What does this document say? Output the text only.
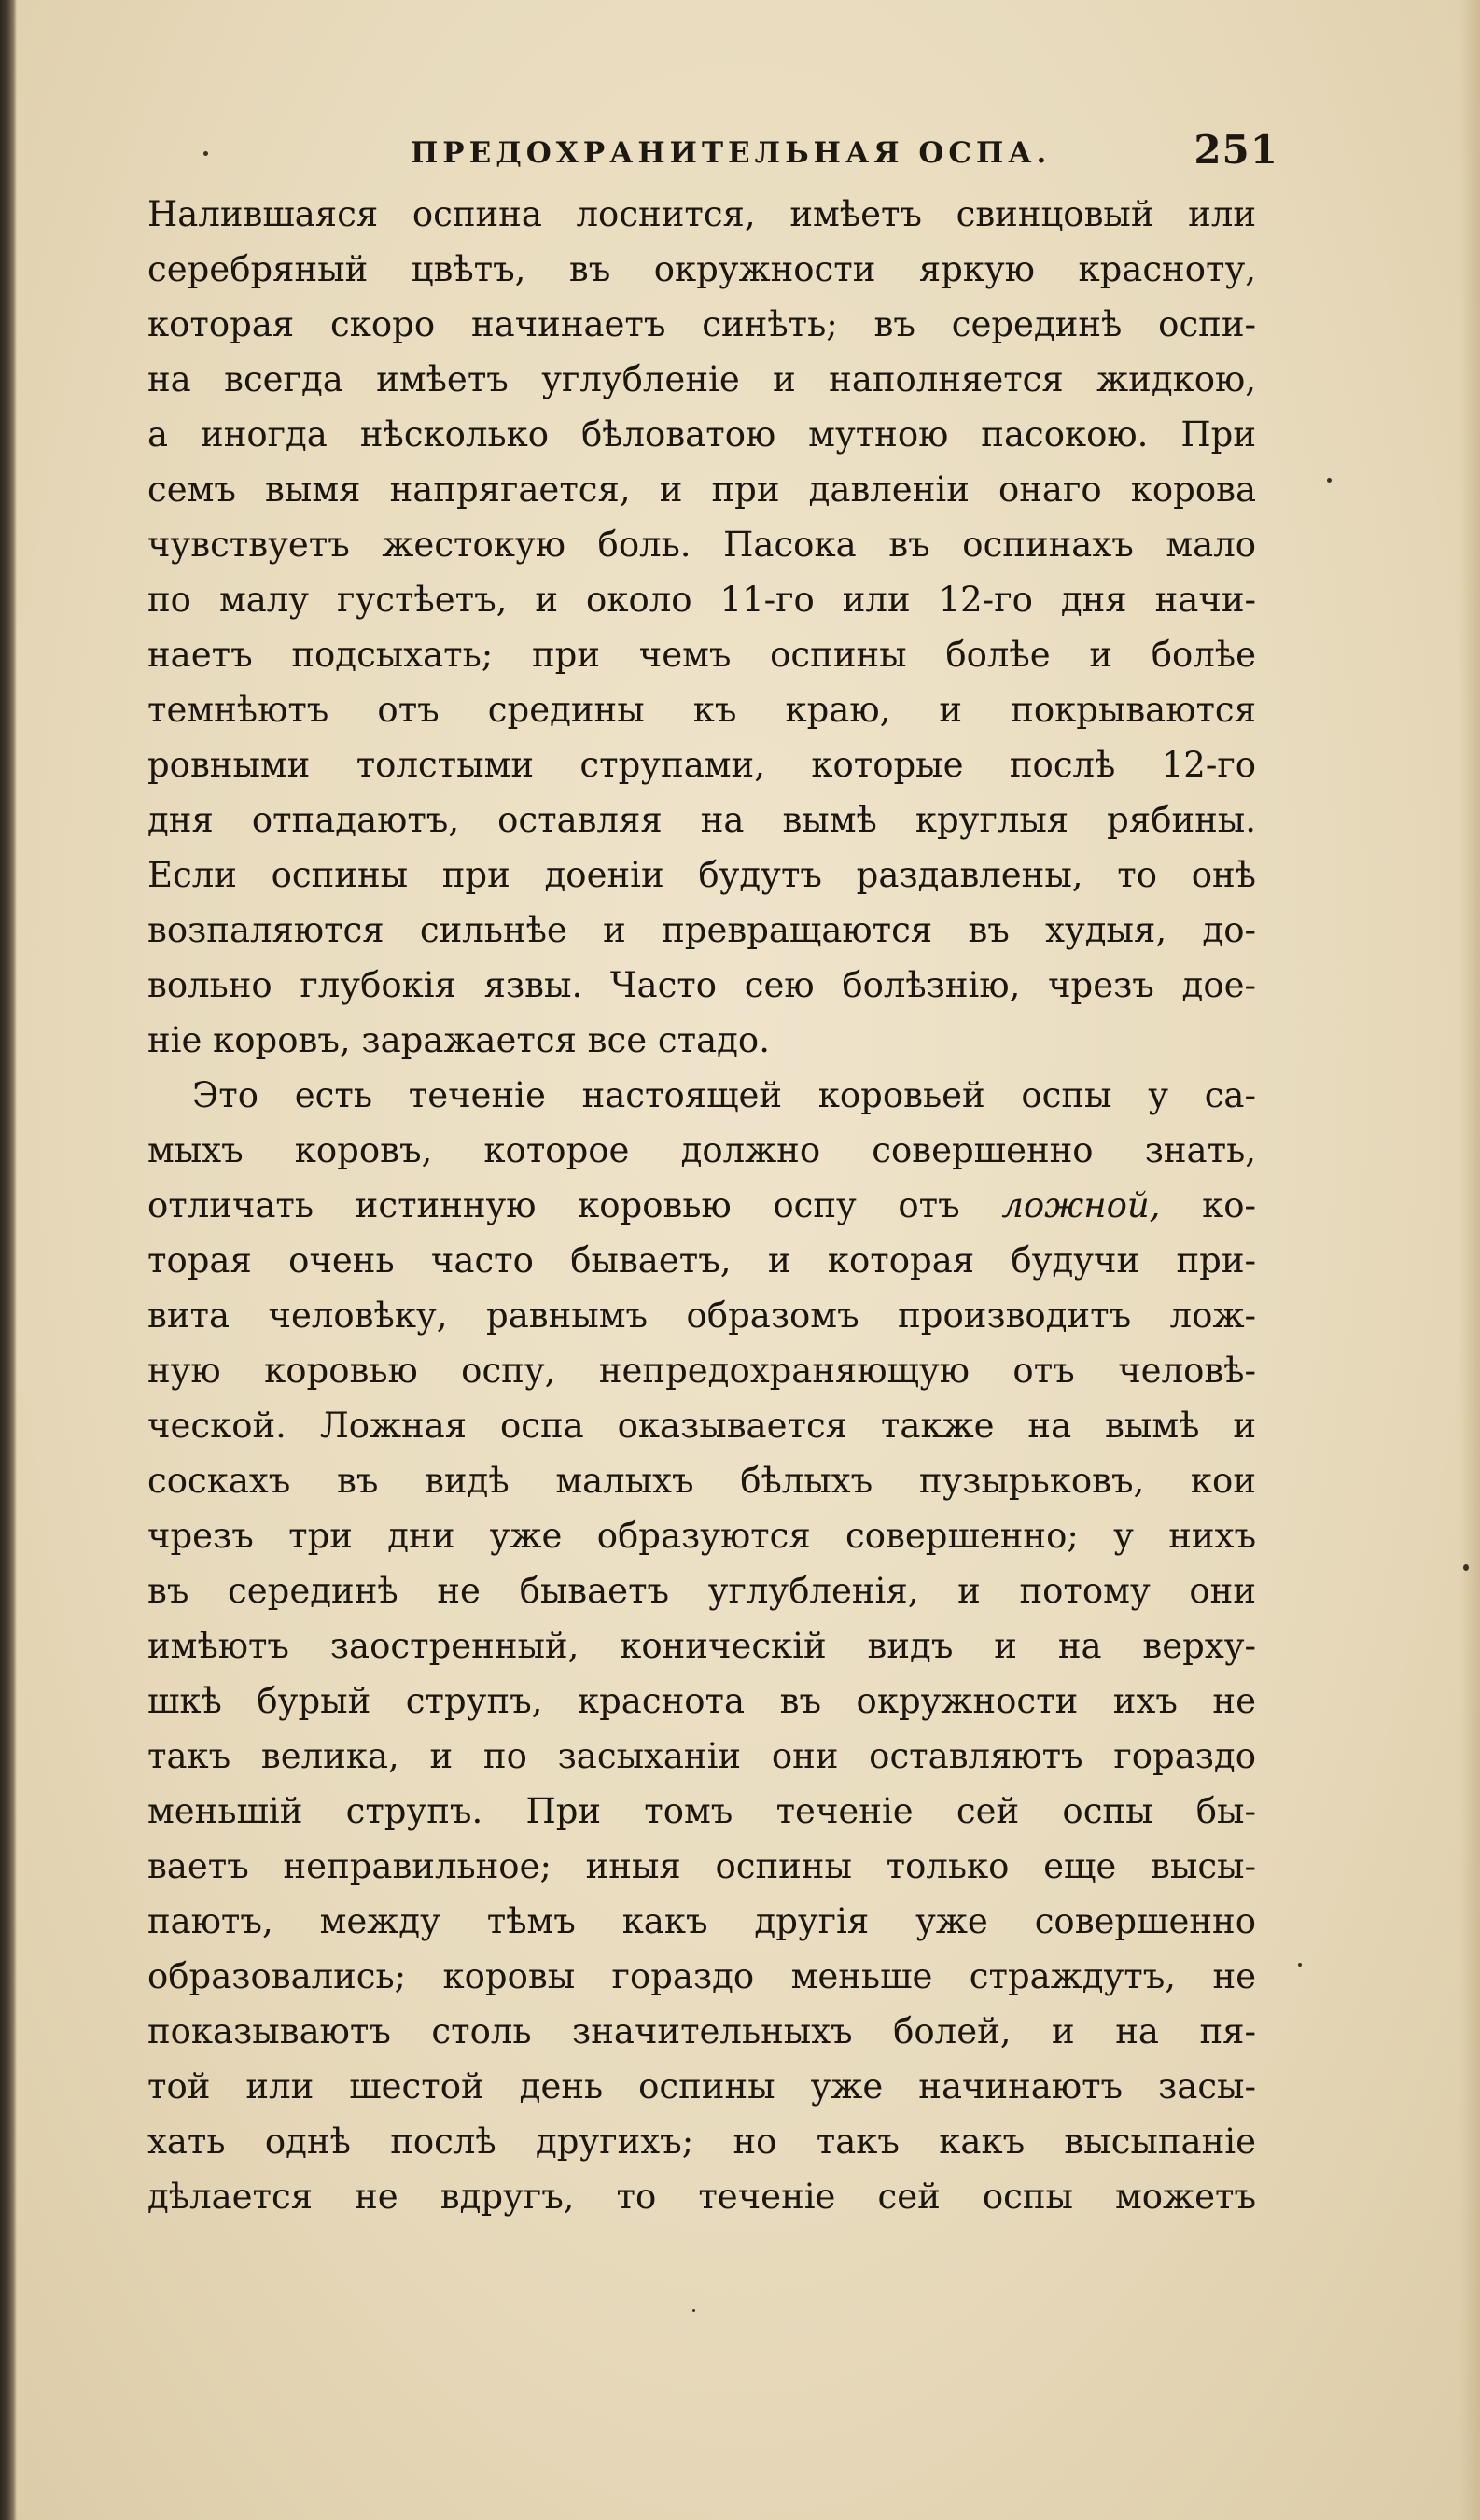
ПРЕДОХРАНИТЕЛЬНАЯ ОСПА.	251
Налившаяся оспина лоснится, имѣетъ свинцовый или
серебряный цвѣтъ, въ окружности яркую красноту,
которая скоро начинаетъ синѣть; въ серединѣ оспи-
на всегда имѣетъ углубленіе и наполняется жидкою,
а иногда нѣсколько бѣловатою мутною пасокою. При
семъ вымя напрягается, и при давленіи онаго корова
чувствуетъ жестокую боль. Пасока въ оспинахъ мало
по малу густѣетъ, и около 11-го или 12-го дня начи-
наетъ подсыхать; при чемъ оспины болѣе и болѣе
темнѣютъ отъ средины къ краю, и покрываются
ровными толстыми струпами, которые послѣ 12-го
дня отпадаютъ, оставляя на вымѣ круглыя рябины.
Если оспины при доеніи будутъ раздавлены, то онѣ
возпаляются сильнѣе и превращаются въ худыя, до-
вольно глубокія язвы. Часто сею болѣзнію, чрезъ дое-
ніе коровъ, заражается все стадо.
Это есть теченіе настоящей коровьей оспы у са-
мыхъ коровъ, которое должно совершенно знать,
отличать истинную коровью оспу отъ ложной, ко-
торая очень часто бываетъ, и которая будучи при-
вита человѣку, равнымъ образомъ производитъ лож-
ную коровью оспу, непредохраняющую отъ человѣ-
ческой. Ложная оспа оказывается также на вымѣ и
соскахъ въ видѣ малыхъ бѣлыхъ пузырьковъ, кои
чрезъ три дни уже образуются совершенно; у нихъ
въ серединѣ не бываетъ углубленія, и потому они
имѣютъ заостренный, коническій видъ и на верху-
шкѣ бурый струпъ, краснота въ окружности ихъ не
такъ велика, и по засыханіи они оставляютъ гораздо
меньшій струпъ. При томъ теченіе сей оспы бы-
ваетъ неправильное; иныя оспины только еще высы-
паютъ, между тѣмъ какъ другія уже совершенно
образовались; коровы гораздо меньше страждутъ, не
показываютъ столь значительныхъ болей, и на пя-
той или шестой день оспины уже начинаютъ засы-
хать однѣ послѣ другихъ; но такъ какъ высыпаніе
дѣлается не вдругъ, то теченіе сей оспы можетъ
